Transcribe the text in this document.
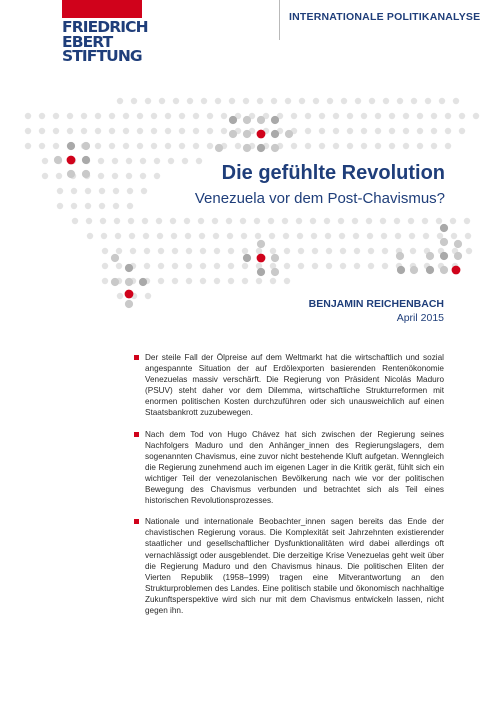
FRIEDRICH
EBERT
STIFTUNG
INTERNATIONALE POLITIKANALYSE
Die gefühlte Revolution
Venezuela vor dem Post-Chavismus?
BENJAMIN REICHENBACH
April 2015
Der steile Fall der Ölpreise auf dem Weltmarkt hat die wirtschaftlich und sozial angespannte Situation der auf Erdölexporten basierenden Rentenökonomie Venezuelas massiv verschärft. Die Regierung von Präsident Nicolás Maduro (PSUV) steht daher vor dem Dilemma, wirtschaftliche Strukturreformen mit enormen politischen Kosten durchzuführen oder sich unausweichlich auf einen Staatsbankrott zuzubewegen.
Nach dem Tod von Hugo Chávez hat sich zwischen der Regierung seines Nachfolgers Maduro und den Anhänger_innen des Regierungslagers, dem sogenannten Chavismus, eine zuvor nicht bestehende Kluft aufgetan. Wenngleich die Regierung zunehmend auch im eigenen Lager in die Kritik gerät, fühlt sich ein wichtiger Teil der venezolanischen Bevölkerung nach wie vor der politischen Bewegung des Chavismus verbunden und betrachtet sich als Teil eines historischen Revolutionsprozesses.
Nationale und internationale Beobachter_innen sagen bereits das Ende der chavistischen Regierung voraus. Die Komplexität seit Jahrzehnten existierender staatlicher und gesellschaftlicher Dysfunktionalitäten wird dabei allerdings oft vernachlässigt oder ausgeblendet. Die derzeitige Krise Venezuelas geht weit über die Regierung Maduro und den Chavismus hinaus. Die politischen Eliten der Vierten Republik (1958–1999) tragen eine Mitverantwortung an den Strukturproblemen des Landes. Eine politisch stabile und ökonomisch nachhaltige Zukunftsperspektive wird sich nur mit dem Chavismus entwickeln lassen, nicht gegen ihn.
